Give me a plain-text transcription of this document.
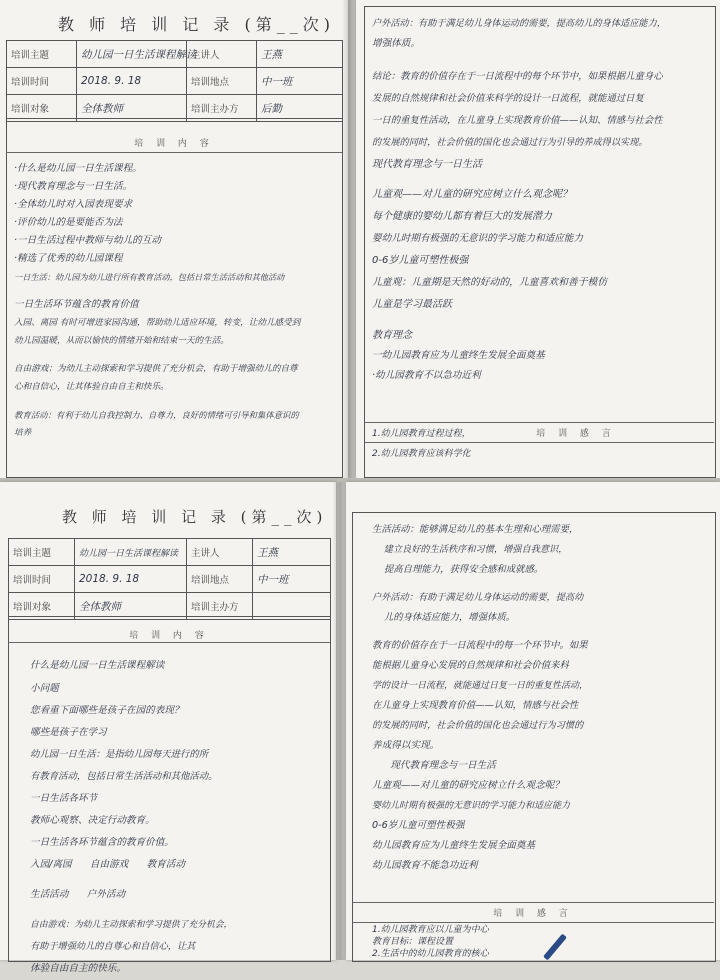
教 师 培 训 记 录 (第__次)
培训主题	幼儿园一日生活课程解读	主讲人	王燕
培训时间	2018. 9. 18	培训地点	中一班
培训对象	全体教师	培训主办方	后勤
培 训 内 容
·什么是幼儿园一日生活课程。
·现代教育理念与一日生活。
·全体幼儿时对入园表现要求
·评价幼儿的是要能否为法
·一日生活过程中教师与幼儿的互动
·精选了优秀的幼儿园课程
一日生活：幼儿园为幼儿进行所有教育活动，包括日常生活活动和其他活动
一日生活环节蕴含的教育价值
入园、离园 有时可增进家园沟通，帮助幼儿适应环境，转变，让幼儿感受到
幼儿园温暖，从而以愉快的情绪开始和结束一天的生活。
自由游戏：为幼儿主动探索和学习提供了充分机会，有助于增强幼儿的自尊
心和自信心，让其体验自由自主和快乐。
教育活动：有利于幼儿自我控制力、自尊力，良好的情绪可引导和集体意识的
培养
户外活动：有助于满足幼儿身体运动的需要，提高幼儿的身体适应能力，
增强体质。
结论：教育的价值存在于一日流程中的每个环节中，如果根据儿童身心
发展的自然规律和社会价值来科学的设计一日流程，就能通过日复
一日的重复性活动，在儿童身上实现教育价值——认知、情感与社会性
的发展的同时，社会价值的国化也会通过行为引导的养成得以实现。
现代教育理念与一日生活
儿童观——对儿童的研究应树立什么观念呢？
每个健康的婴幼儿都有着巨大的发展潜力
婴幼儿时期有极强的无意识的学习能力和适应能力
0-6岁儿童可塑性极强
儿童观：儿童期是天然的好动的，儿童喜欢和善于模仿
儿童是学习最活跃
教育理念
一幼儿园教育应为儿童终生发展全面奠基
·幼儿园教育不以急功近利
培 训 感 言
1.幼儿园教育过程过程，
2.幼儿园教育应该科学化
教 师 培 训 记 录 (第__次)
培训主题	幼儿园一日生活课程解读	主讲人	王燕
培训时间	2018. 9. 18	培训地点	中一班
培训对象	全体教师	培训主办方	
培 训 内 容
什么是幼儿园一日生活课程解读
小问题
您看重下面哪些是孩子在园的表现？
哪些是孩子在学习
幼儿园一日生活：是指幼儿园每天进行的所
有教育活动，包括日常生活活动和其他活动。
一日生活各环节
教师心观察、决定行动教育。
一日生活各环节蕴含的教育价值。
入园/离园      自由游戏      教育活动
生活活动      户外活动
自由游戏：为幼儿主动探索和学习提供了充分机会，
有助于增强幼儿的自尊心和自信心，让其
体验自由自主的快乐。
生活活动：能够满足幼儿的基本生理和心理需要，
建立良好的生活秩序和习惯，增强自我意识，
提高自理能力，获得安全感和成就感。
户外活动：有助于满足幼儿身体运动的需要，提高幼
儿的身体适应能力，增强体质。
教育的价值存在于一日流程中的每一个环节中。如果
能根据儿童身心发展的自然规律和社会价值来科
学的设计一日流程，就能通过日复一日的重复性活动，
在儿童身上实现教育价值——认知，情感与社会性
的发展的同时，社会价值的国化也会通过行为习惯的
养成得以实现。
现代教育理念与一日生活
儿童观——对儿童的研究应树立什么观念呢？
婴幼儿时期有极强的无意识的学习能力和适应能力
0-6岁儿童可塑性极强
幼儿园教育应为儿童终生发展全面奠基
幼儿园教育不能急功近利
培 训 感 言
1.幼儿园教育应以儿童为中心
教育目标：课程设置
2.生活中的幼儿园教育的核心
